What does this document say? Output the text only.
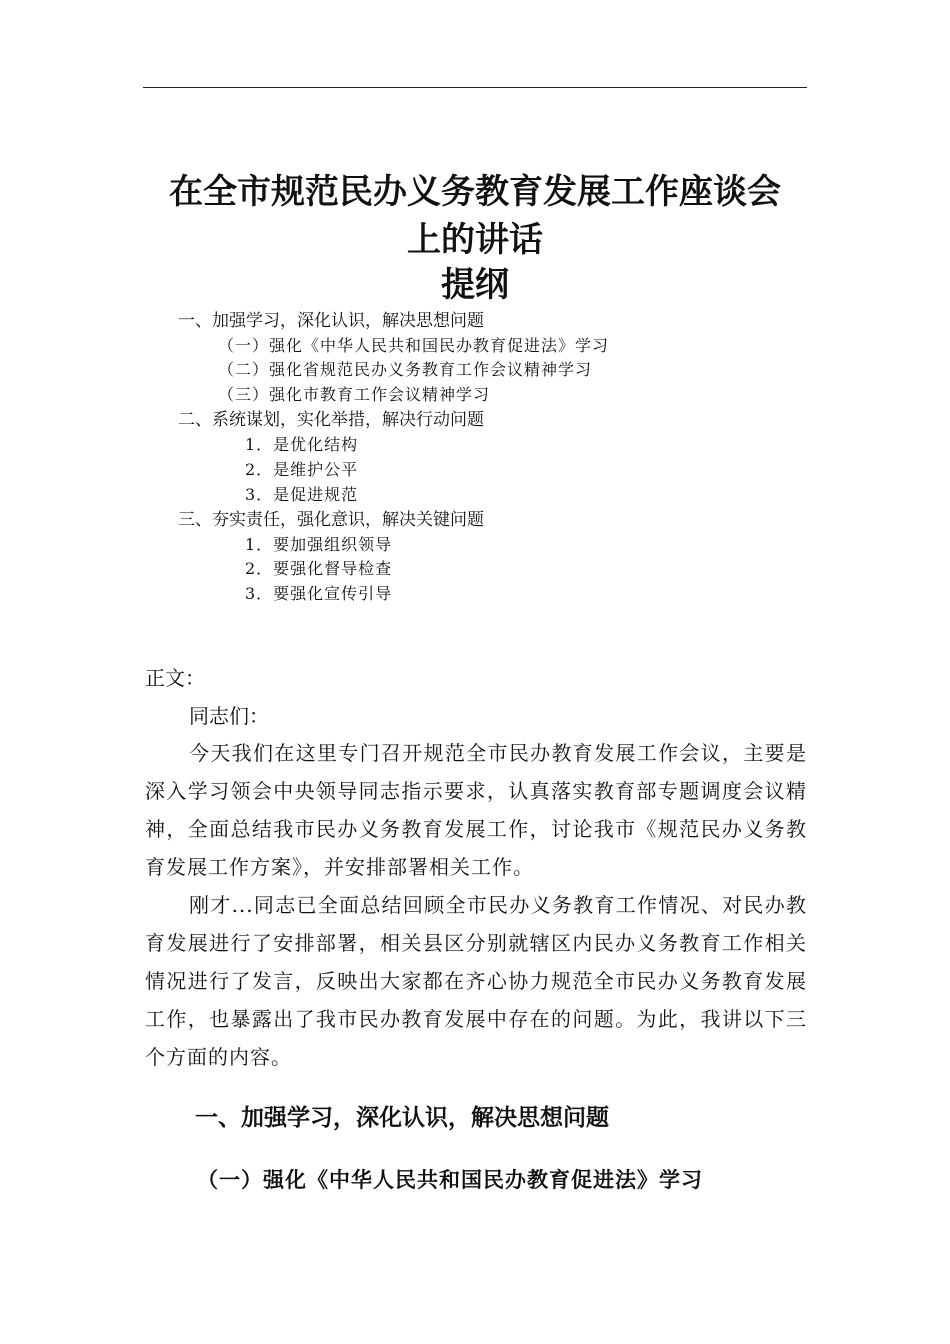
在全市规范民办义务教育发展工作座谈会
上的讲话
提纲
一、加强学习，深化认识，解决思想问题
（一）强化《中华人民共和国民办教育促进法》学习
（二）强化省规范民办义务教育工作会议精神学习
（三）强化市教育工作会议精神学习
二、系统谋划，实化举措，解决行动问题
1．是优化结构
2．是维护公平
3．是促进规范
三、夯实责任，强化意识，解决关键问题
1．要加强组织领导
2．要强化督导检查
3．要强化宣传引导
正文：
同志们：

今天我们在这里专门召开规范全市民办教育发展工作会议，主要是深入学习领会中央领导同志指示要求，认真落实教育部专题调度会议精神，全面总结我市民办义务教育发展工作，讨论我市《规范民办义务教育发展工作方案》，并安排部署相关工作。

刚才...同志已全面总结回顾全市民办义务教育工作情况、对民办教育发展进行了安排部署，相关县区分别就辖区内民办义务教育工作相关情况进行了发言，反映出大家都在齐心协力规范全市民办义务教育发展工作，也暴露出了我市民办教育发展中存在的问题。为此，我讲以下三个方面的内容。

一、加强学习，深化认识，解决思想问题
（一）强化《中华人民共和国民办教育促进法》学习
